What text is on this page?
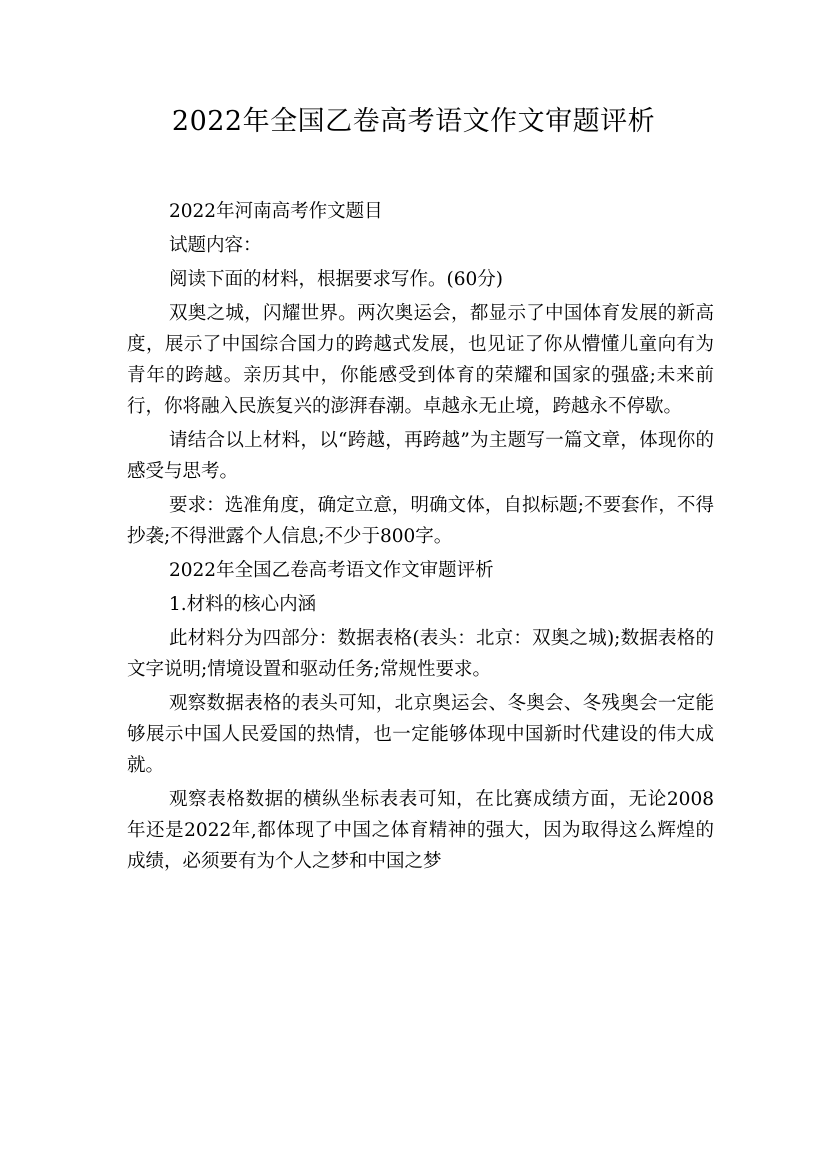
2022年全国乙卷高考语文作文审题评析

2022年河南高考作文题目

试题内容：

阅读下面的材料，根据要求写作。(60分)

双奥之城，闪耀世界。两次奥运会，都显示了中国体育发展的新高度，展示了中国综合国力的跨越式发展，也见证了你从懵懂儿童向有为青年的跨越。亲历其中，你能感受到体育的荣耀和国家的强盛;未来前行，你将融入民族复兴的澎湃春潮。卓越永无止境，跨越永不停歇。

请结合以上材料，以“跨越，再跨越”为主题写一篇文章，体现你的感受与思考。

要求：选准角度，确定立意，明确文体，自拟标题;不要套作，不得抄袭;不得泄露个人信息;不少于800字。

2022年全国乙卷高考语文作文审题评析

1.材料的核心内涵

此材料分为四部分：数据表格(表头：北京：双奥之城);数据表格的文字说明;情境设置和驱动任务;常规性要求。

观察数据表格的表头可知，北京奥运会、冬奥会、冬残奥会一定能够展示中国人民爱国的热情，也一定能够体现中国新时代建设的伟大成就。

观察表格数据的横纵坐标表表可知，在比赛成绩方面，无论2008年还是2022年,都体现了中国之体育精神的强大，因为取得这么辉煌的成绩，必须要有为个人之梦和中国之梦
